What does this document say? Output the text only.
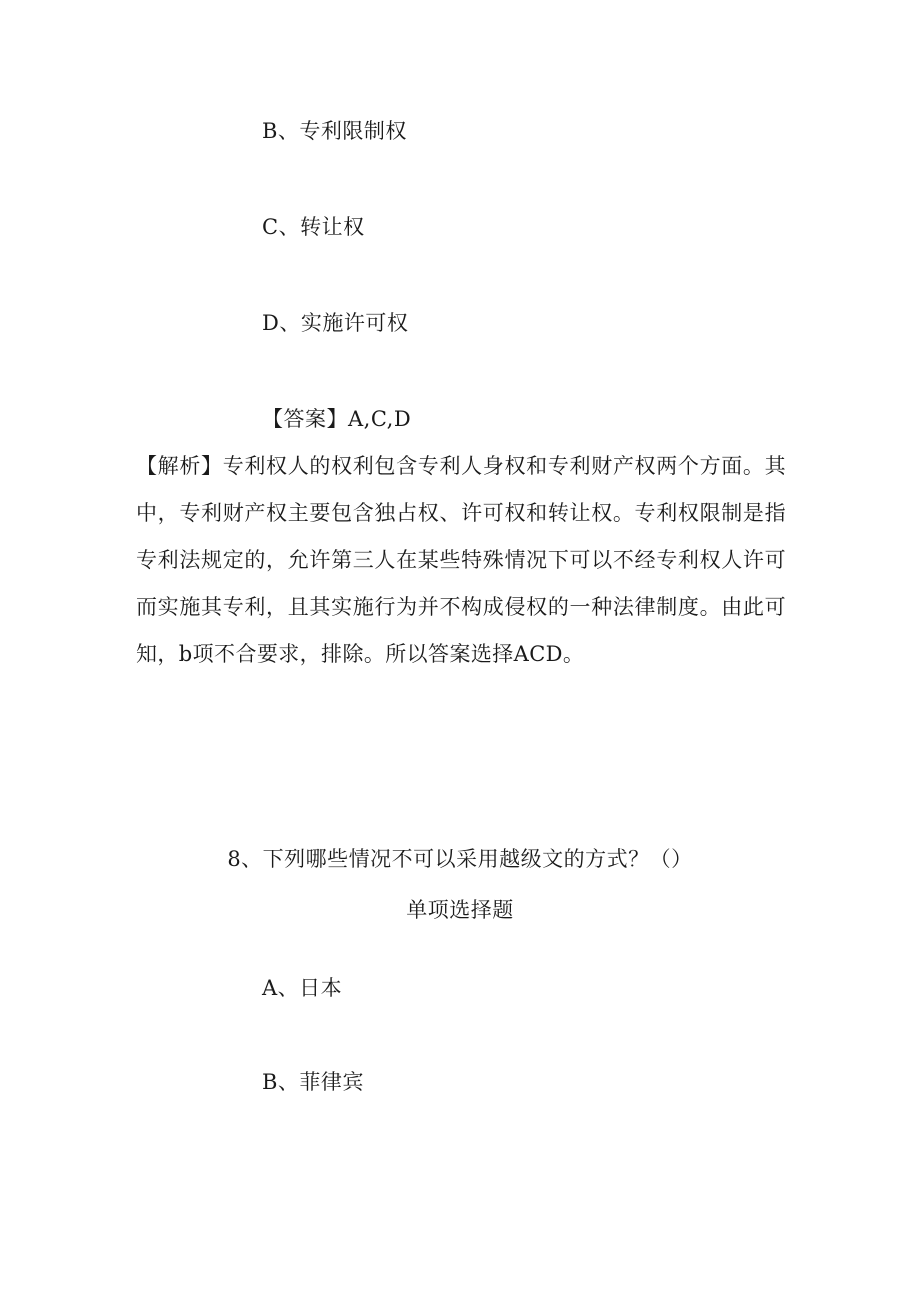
B、专利限制权
C、转让权
D、实施许可权
【答案】A,C,D
【解析】专利权人的权利包含专利人身权和专利财产权两个方面。其中，专利财产权主要包含独占权、许可权和转让权。专利权限制是指专利法规定的，允许第三人在某些特殊情况下可以不经专利权人许可而实施其专利，且其实施行为并不构成侵权的一种法律制度。由此可知，b项不合要求，排除。所以答案选择ACD。
8、下列哪些情况不可以采用越级文的方式？（）
单项选择题
A、日本
B、菲律宾
